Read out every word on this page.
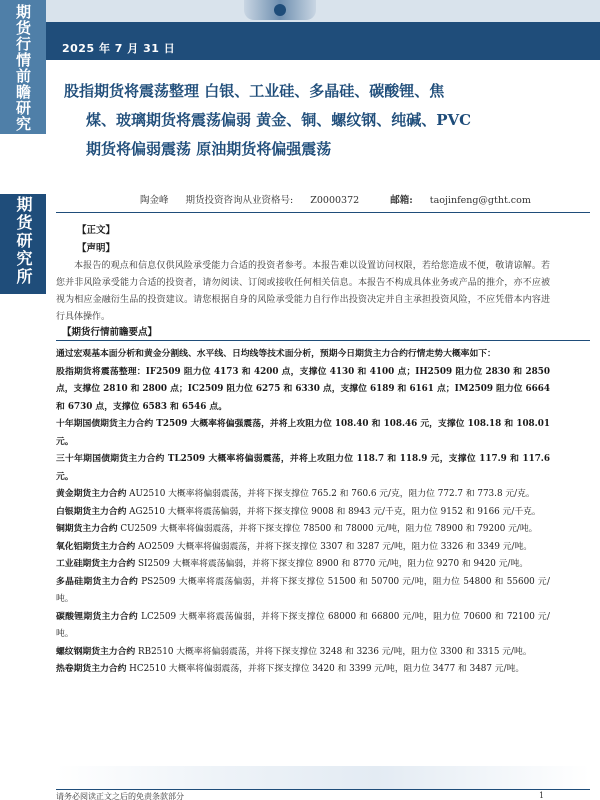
期货行情前瞻研究
期货研究所
2025 年 7 月 31 日
股指期货将震荡整理 白银、工业硅、多晶硅、碳酸锂、焦
煤、玻璃期货将震荡偏弱 黄金、铜、螺纹钢、纯碱、PVC
期货将偏弱震荡 原油期货将偏强震荡
陶金峰 期货投资咨询从业资格号: Z0000372	邮箱: taojinfeng@gtht.com
【正文】
【声明】
本报告的观点和信息仅供风险承受能力合适的投资者参考。本报告难以设置访问权限，若给您造成不便，敬请谅解。若您并非风险承受能力合适的投资者，请勿阅读、订阅或接收任何相关信息。本报告不构成具体业务或产品的推介，亦不应被视为相应金融衍生品的投资建议。请您根据自身的风险承受能力自行作出投资决定并自主承担投资风险，不应凭借本内容进行具体操作。
【期货行情前瞻要点】

通过宏观基本面分析和黄金分割线、水平线、日均线等技术面分析，预期今日期货主力合约行情走势大概率如下：

股指期货将震荡整理：IF2509 阻力位 4173 和 4200 点，支撑位 4130 和 4100 点；IH2509 阻力位 2830 和 2850 点，支撑位 2810 和 2800 点；IC2509 阻力位 6275 和 6330 点，支撑位 6189 和 6161 点；IM2509 阻力位 6664 和 6730 点，支撑位 6583 和 6546 点。

十年期国债期货主力合约 T2509 大概率将偏强震荡，并将上攻阻力位 108.40 和 108.46 元，支撑位 108.18 和 108.01 元。

三十年期国债期货主力合约 TL2509 大概率将偏弱震荡，并将上攻阻力位 118.7 和 118.9 元，支撑位 117.9 和 117.6 元。

黄金期货主力合约 AU2510 大概率将偏弱震荡，并将下探支撑位 765.2 和 760.6 元/克，阻力位 772.7 和 773.8 元/克。

白银期货主力合约 AG2510 大概率将震荡偏弱，并将下探支撑位 9008 和 8943 元/千克，阻力位 9152 和 9166 元/千克。

铜期货主力合约 CU2509 大概率将偏弱震荡，并将下探支撑位 78500 和 78000 元/吨，阻力位 78900 和 79200 元/吨。

氧化铝期货主力合约 AO2509 大概率将偏弱震荡，并将下探支撑位 3307 和 3287 元/吨，阻力位 3326 和 3349 元/吨。

工业硅期货主力合约 SI2509 大概率将震荡偏弱，并将下探支撑位 8900 和 8770 元/吨，阻力位 9270 和 9420 元/吨。

多晶硅期货主力合约 PS2509 大概率将震荡偏弱，并将下探支撑位 51500 和 50700 元/吨，阻力位 54800 和 55600 元/吨。

碳酸锂期货主力合约 LC2509 大概率将震荡偏弱，并将下探支撑位 68000 和 66800 元/吨，阻力位 70600 和 72100 元/吨。

螺纹钢期货主力合约 RB2510 大概率将偏弱震荡，并将下探支撑位 3248 和 3236 元/吨，阻力位 3300 和 3315 元/吨。

热卷期货主力合约 HC2510 大概率将偏弱震荡，并将下探支撑位 3420 和 3399 元/吨，阻力位 3477 和 3487 元/吨。

请务必阅读正文之后的免责条款部分	1
